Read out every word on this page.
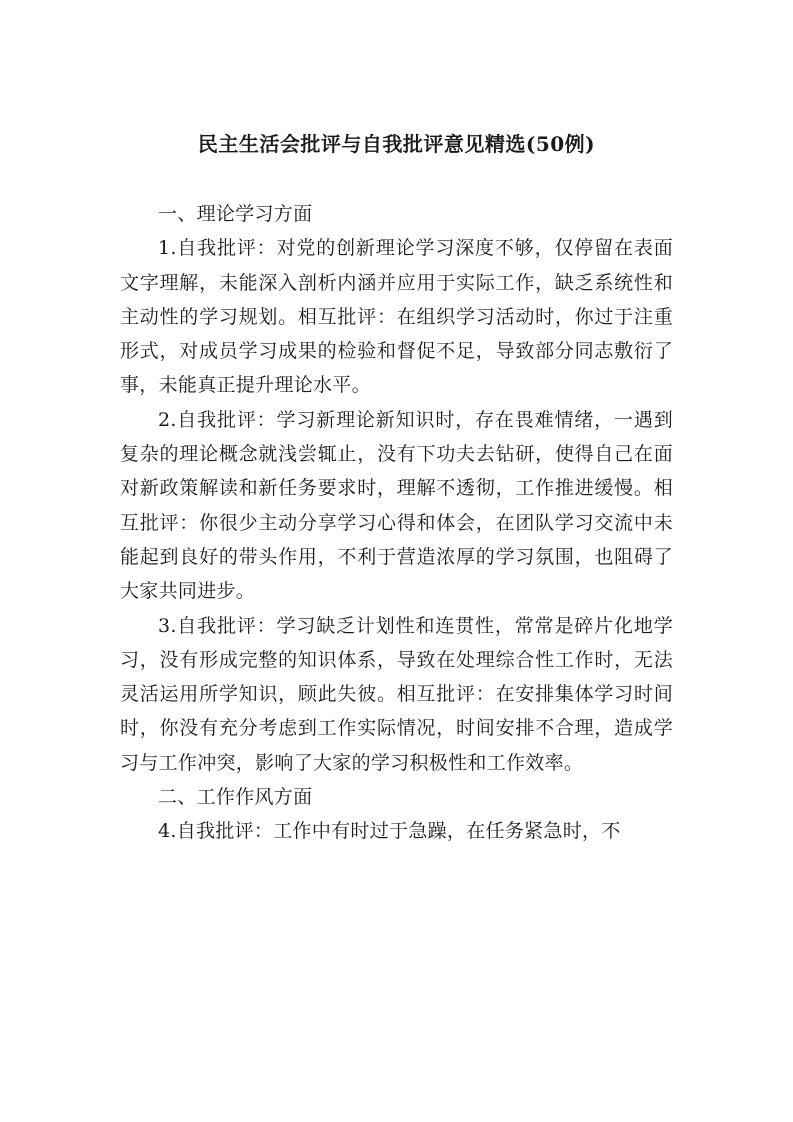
民主生活会批评与自我批评意见精选(50例)

一、理论学习方面

1.自我批评：对党的创新理论学习深度不够，仅停留在表面文字理解，未能深入剖析内涵并应用于实际工作，缺乏系统性和主动性的学习规划。相互批评：在组织学习活动时，你过于注重形式，对成员学习成果的检验和督促不足，导致部分同志敷衍了事，未能真正提升理论水平。

2.自我批评：学习新理论新知识时，存在畏难情绪，一遇到复杂的理论概念就浅尝辄止，没有下功夫去钻研，使得自己在面对新政策解读和新任务要求时，理解不透彻，工作推进缓慢。相互批评：你很少主动分享学习心得和体会，在团队学习交流中未能起到良好的带头作用，不利于营造浓厚的学习氛围，也阻碍了大家共同进步。

3.自我批评：学习缺乏计划性和连贯性，常常是碎片化地学习，没有形成完整的知识体系，导致在处理综合性工作时，无法灵活运用所学知识，顾此失彼。相互批评：在安排集体学习时间时，你没有充分考虑到工作实际情况，时间安排不合理，造成学习与工作冲突，影响了大家的学习积极性和工作效率。

二、工作作风方面

4.自我批评：工作中有时过于急躁，在任务紧急时，不
